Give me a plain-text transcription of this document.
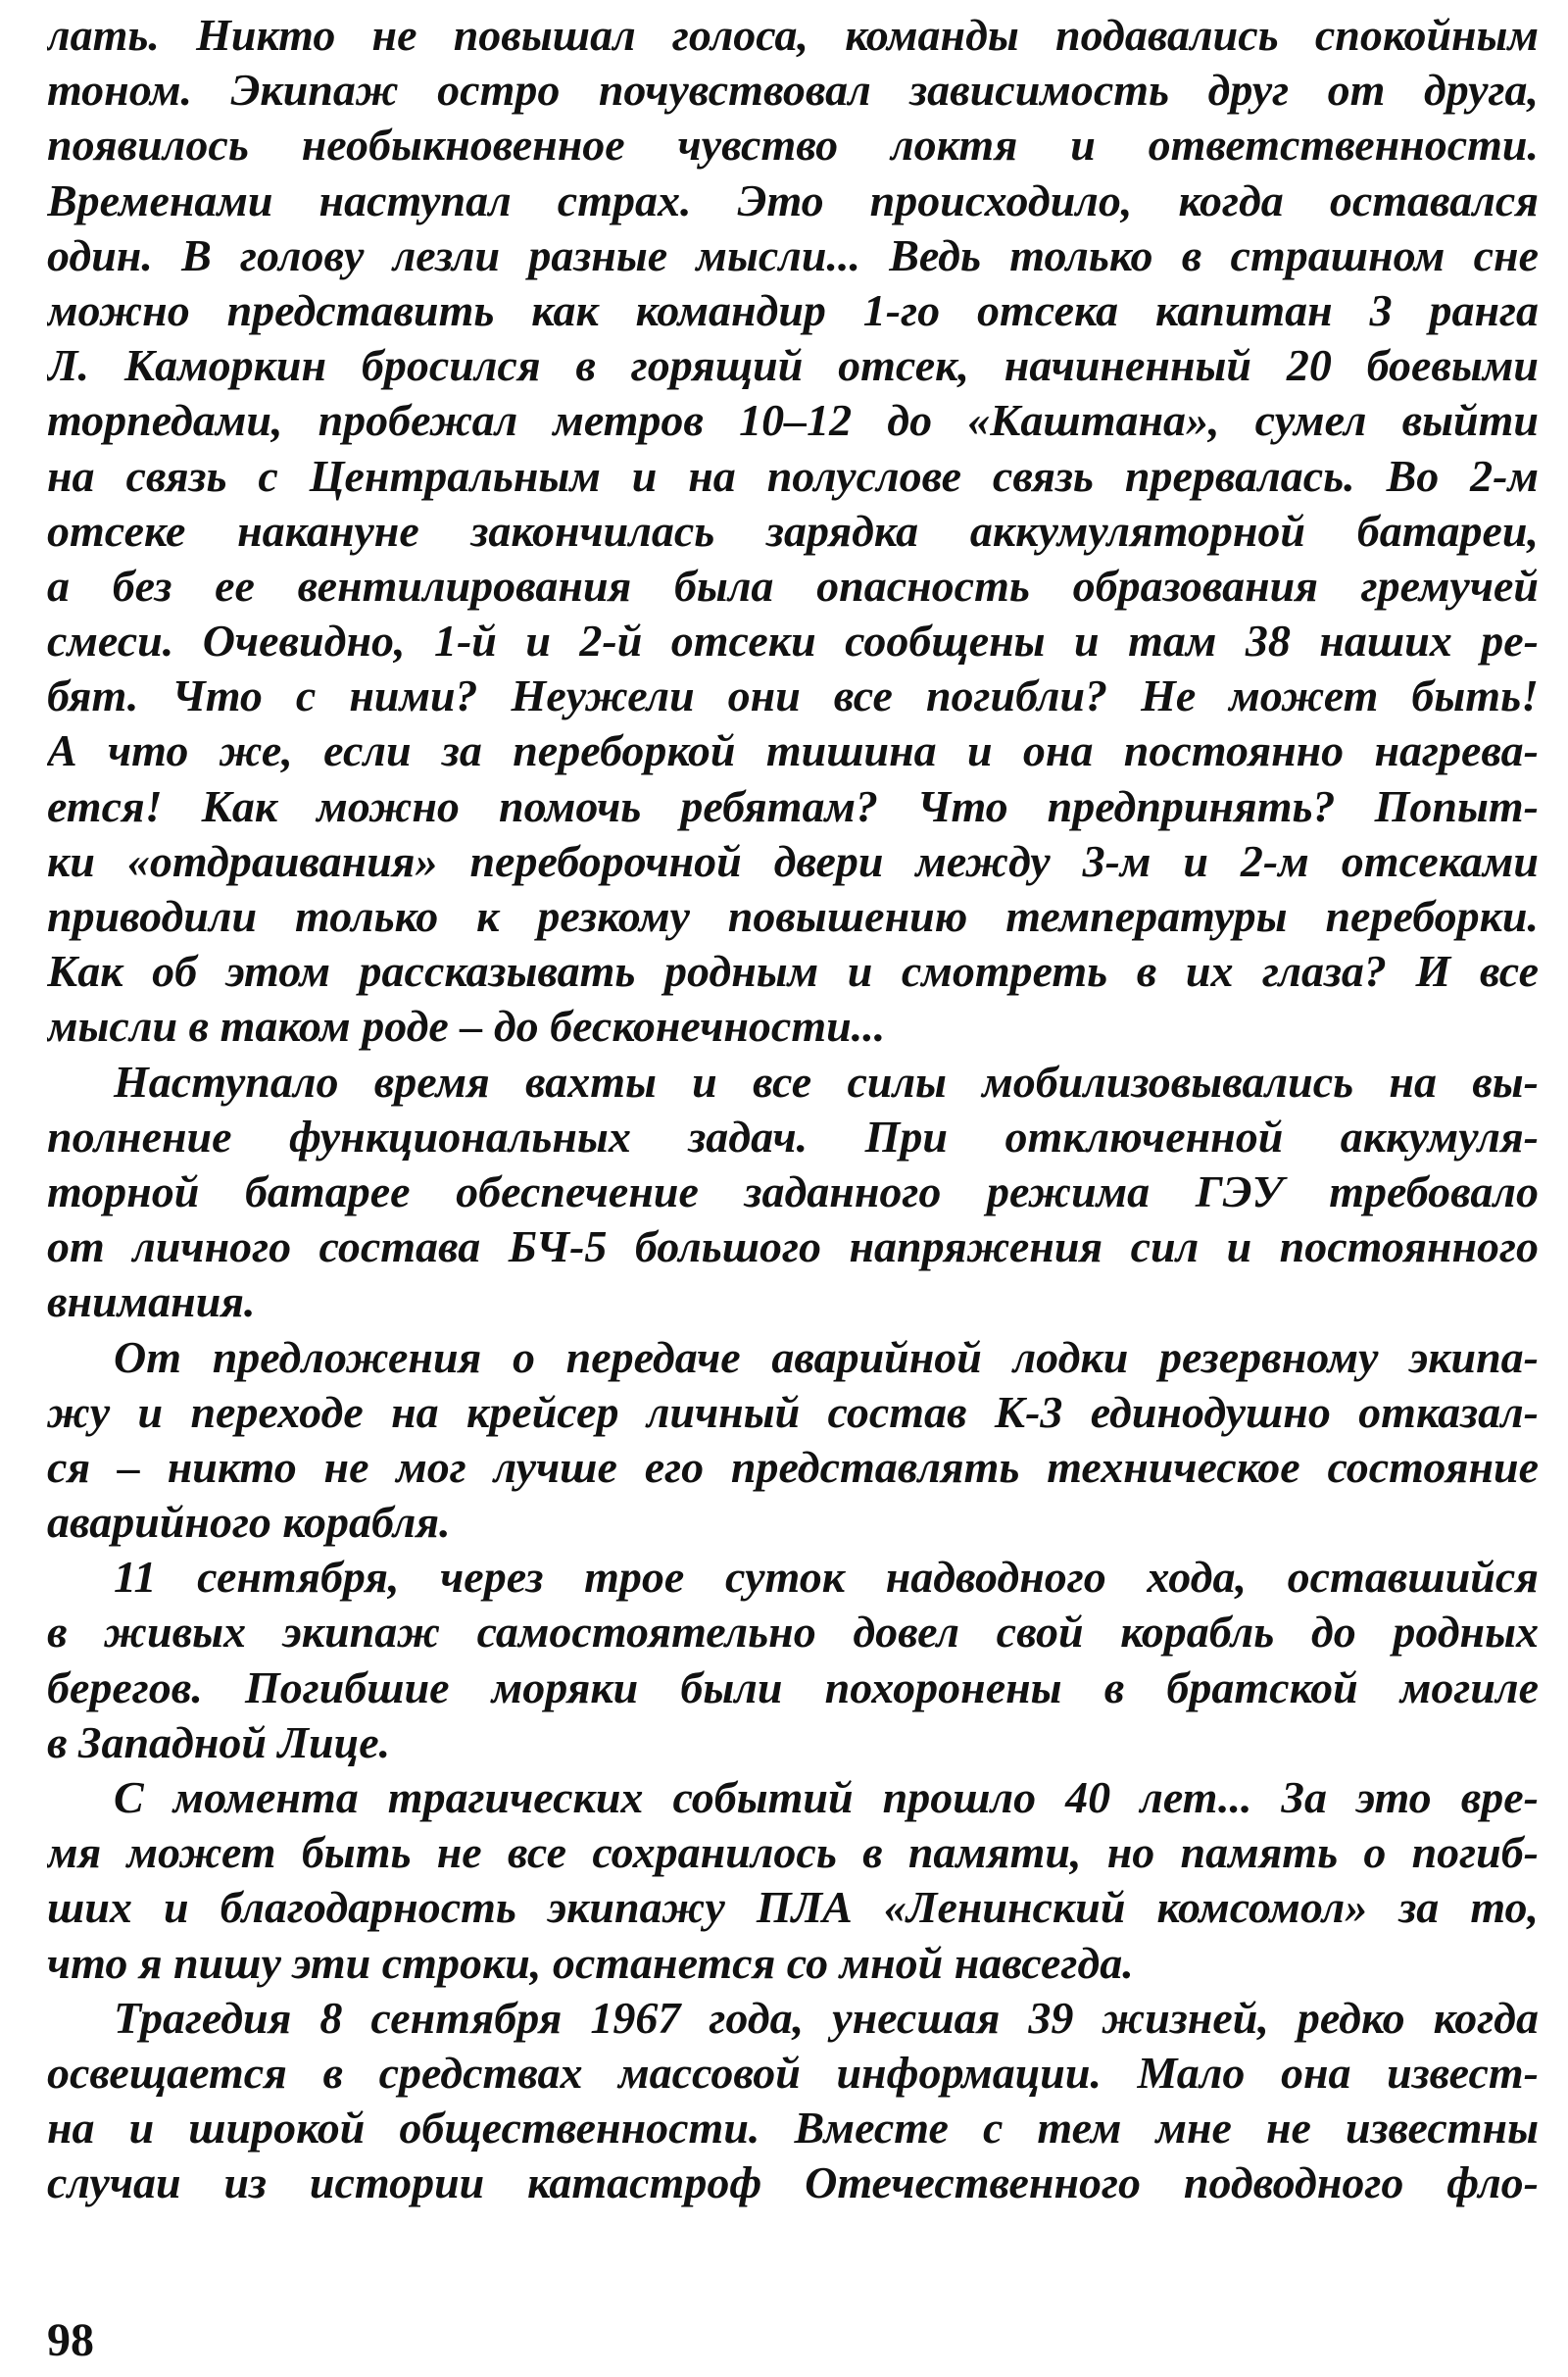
лать. Никто не повышал голоса, команды подавались спокойным
тоном. Экипаж остро почувствовал зависимость друг от друга,
появилось необыкновенное чувство локтя и ответственности.
Временами наступал страх. Это происходило, когда оставался
один. В голову лезли разные мысли... Ведь только в страшном сне
можно представить как командир 1-го отсека капитан 3 ранга
Л. Каморкин бросился в горящий отсек, начиненный 20 боевыми
торпедами, пробежал метров 10–12 до «Каштана», сумел выйти
на связь с Центральным и на полуслове связь прервалась. Во 2-м
отсеке накануне закончилась зарядка аккумуляторной батареи,
а без ее вентилирования была опасность образования гремучей
смеси. Очевидно, 1-й и 2-й отсеки сообщены и там 38 наших ре-
бят. Что с ними? Неужели они все погибли? Не может быть!
А что же, если за переборкой тишина и она постоянно нагрева-
ется! Как можно помочь ребятам? Что предпринять? Попыт-
ки «отдраивания» переборочной двери между 3-м и 2-м отсеками
приводили только к резкому повышению температуры переборки.
Как об этом рассказывать родным и смотреть в их глаза? И все
мысли в таком роде – до бесконечности...
Наступало время вахты и все силы мобилизовывались на вы-
полнение функциональных задач. При отключенной аккумуля-
торной батарее обеспечение заданного режима ГЭУ требовало
от личного состава БЧ-5 большого напряжения сил и постоянного
внимания.
От предложения о передаче аварийной лодки резервному экипа-
жу и переходе на крейсер личный состав К-3 единодушно отказал-
ся – никто не мог лучше его представлять техническое состояние
аварийного корабля.
11 сентября, через трое суток надводного хода, оставшийся
в живых экипаж самостоятельно довел свой корабль до родных
берегов. Погибшие моряки были похоронены в братской могиле
в Западной Лице.
С момента трагических событий прошло 40 лет... За это вре-
мя может быть не все сохранилось в памяти, но память о погиб-
ших и благодарность экипажу ПЛА «Ленинский комсомол» за то,
что я пишу эти строки, останется со мной навсегда.
Трагедия 8 сентября 1967 года, унесшая 39 жизней, редко когда
освещается в средствах массовой информации. Мало она извест-
на и широкой общественности. Вместе с тем мне не известны
случаи из истории катастроф Отечественного подводного фло-
98
